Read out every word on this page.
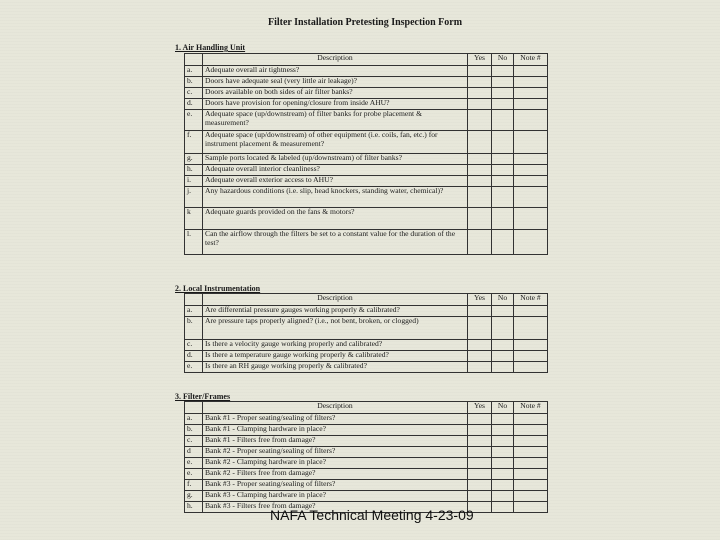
Filter Installation Pretesting Inspection Form
1. Air Handling Unit
	Description	Yes	No	Note #
a.	Adequate overall air tightness?			
b.	Doors have adequate seal (very little air leakage)?			
c.	Doors available on both sides of air filter banks?			
d.	Doors have provision for opening/closure from inside AHU?			
e.	Adequate space (up/downstream) of filter banks for probe placement & measurement?			
f.	Adequate space (up/downstream) of other equipment (i.e. coils, fan, etc.) for instrument placement & measurement?			
g.	Sample ports located & labeled (up/downstream) of filter banks?			
h.	Adequate overall interior cleanliness?			
i.	Adequate overall exterior access to AHU?			
j.	Any hazardous conditions (i.e. slip, head knockers, standing water, chemical)?			
k	Adequate guards provided on the fans & motors?			
l.	Can the airflow through the filters be set to a constant value for the duration of the test?			
2. Local Instrumentation
	Description	Yes	No	Note #
a.	Are differential pressure gauges working properly & calibrated?			
b.	Are pressure taps properly aligned? (i.e., not bent, broken, or clogged)			
c.	Is there a velocity gauge working properly and calibrated?			
d.	Is there a temperature gauge working properly & calibrated?			
e.	Is there an RH gauge working properly & calibrated?			
3. Filter/Frames
	Description	Yes	No	Note #
a.	Bank #1 - Proper seating/sealing of filters?			
b.	Bank #1 - Clamping hardware in place?			
c.	Bank #1 - Filters free from damage?			
d	Bank #2 - Proper seating/sealing of filters?			
e.	Bank #2 - Clamping hardware in place?			
e.	Bank #2 - Filters free from damage?			
f.	Bank #3 - Proper seating/sealing of filters?			
g.	Bank #3 - Clamping hardware in place?			
h.	Bank #3 - Filters free from damage?			
NAFA Technical Meeting 4-23-09
